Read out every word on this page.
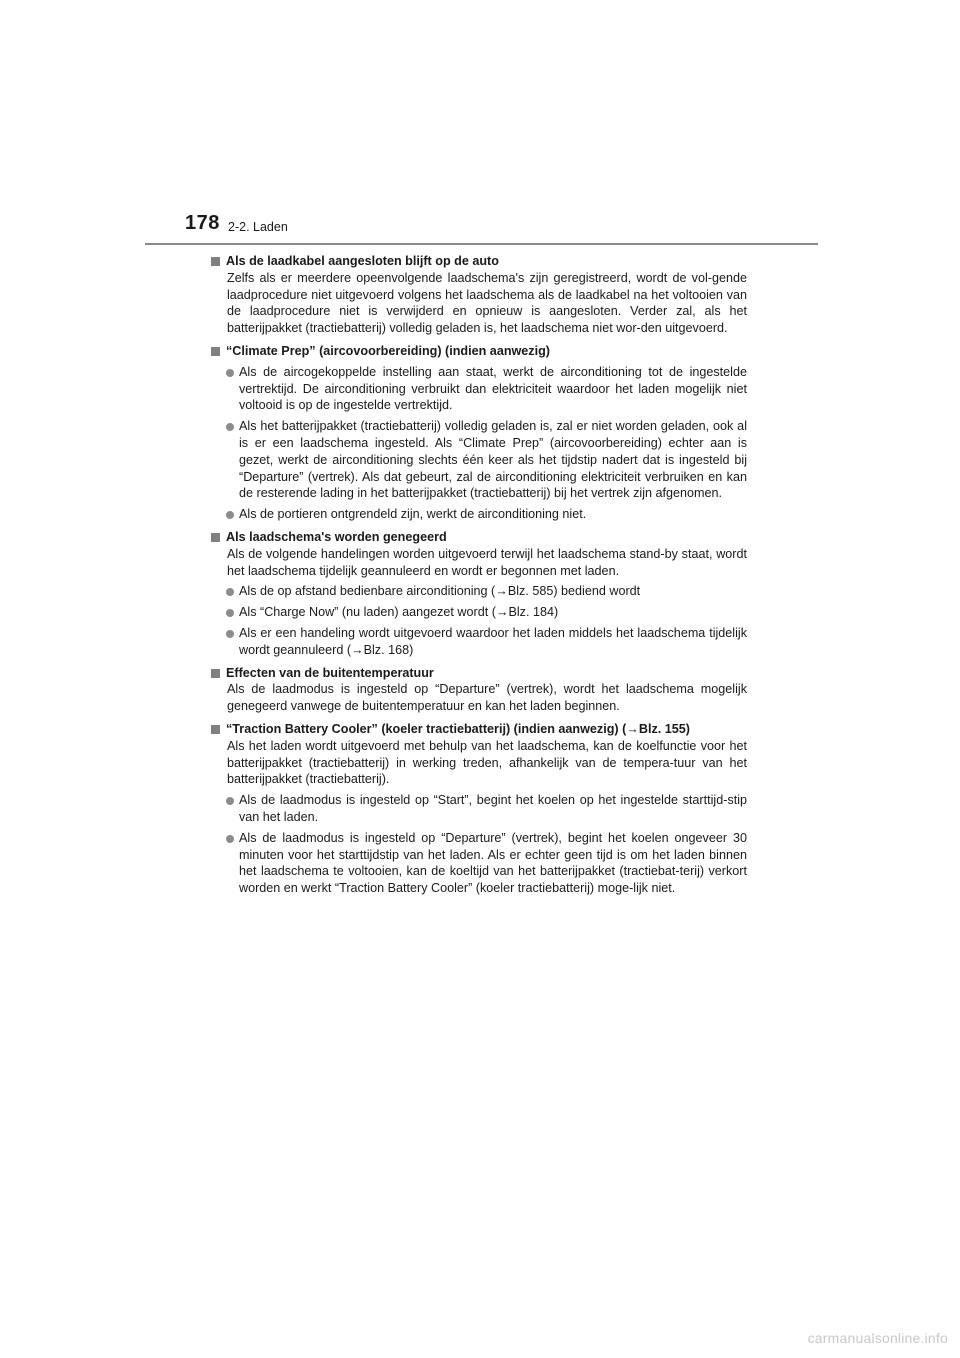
178 2-2. Laden
Als de laadkabel aangesloten blijft op de auto
Zelfs als er meerdere opeenvolgende laadschema's zijn geregistreerd, wordt de vol-gende laadprocedure niet uitgevoerd volgens het laadschema als de laadkabel na het voltooien van de laadprocedure niet is verwijderd en opnieuw is aangesloten. Verder zal, als het batterijpakket (tractiebatterij) volledig geladen is, het laadschema niet wor-den uitgevoerd.
“Climate Prep” (aircovoorbereiding) (indien aanwezig)
Als de aircogekoppelde instelling aan staat, werkt de airconditioning tot de ingestelde vertrektijd. De airconditioning verbruikt dan elektriciteit waardoor het laden mogelijk niet voltooid is op de ingestelde vertrektijd.
Als het batterijpakket (tractiebatterij) volledig geladen is, zal er niet worden geladen, ook al is er een laadschema ingesteld. Als “Climate Prep” (aircovoorbereiding) echter aan is gezet, werkt de airconditioning slechts één keer als het tijdstip nadert dat is ingesteld bij “Departure” (vertrek). Als dat gebeurt, zal de airconditioning elektriciteit verbruiken en kan de resterende lading in het batterijpakket (tractiebatterij) bij het vertrek zijn afgenomen.
Als de portieren ontgrendeld zijn, werkt de airconditioning niet.
Als laadschema's worden genegeerd
Als de volgende handelingen worden uitgevoerd terwijl het laadschema stand-by staat, wordt het laadschema tijdelijk geannuleerd en wordt er begonnen met laden.
Als de op afstand bedienbare airconditioning (→Blz. 585) bediend wordt
Als “Charge Now” (nu laden) aangezet wordt (→Blz. 184)
Als er een handeling wordt uitgevoerd waardoor het laden middels het laadschema tijdelijk wordt geannuleerd (→Blz. 168)
Effecten van de buitentemperatuur
Als de laadmodus is ingesteld op “Departure” (vertrek), wordt het laadschema mogelijk genegeerd vanwege de buitentemperatuur en kan het laden beginnen.
“Traction Battery Cooler” (koeler tractiebatterij) (indien aanwezig) (→Blz. 155)
Als het laden wordt uitgevoerd met behulp van het laadschema, kan de koelfunctie voor het batterijpakket (tractiebatterij) in werking treden, afhankelijk van de tempera-tuur van het batterijpakket (tractiebatterij).
Als de laadmodus is ingesteld op “Start”, begint het koelen op het ingestelde starttijd-stip van het laden.
Als de laadmodus is ingesteld op “Departure” (vertrek), begint het koelen ongeveer 30 minuten voor het starttijdstip van het laden. Als er echter geen tijd is om het laden binnen het laadschema te voltooien, kan de koeltijd van het batterijpakket (tractiebat-terij) verkort worden en werkt “Traction Battery Cooler” (koeler tractiebatterij) moge-lijk niet.
carmanualsonline.info
